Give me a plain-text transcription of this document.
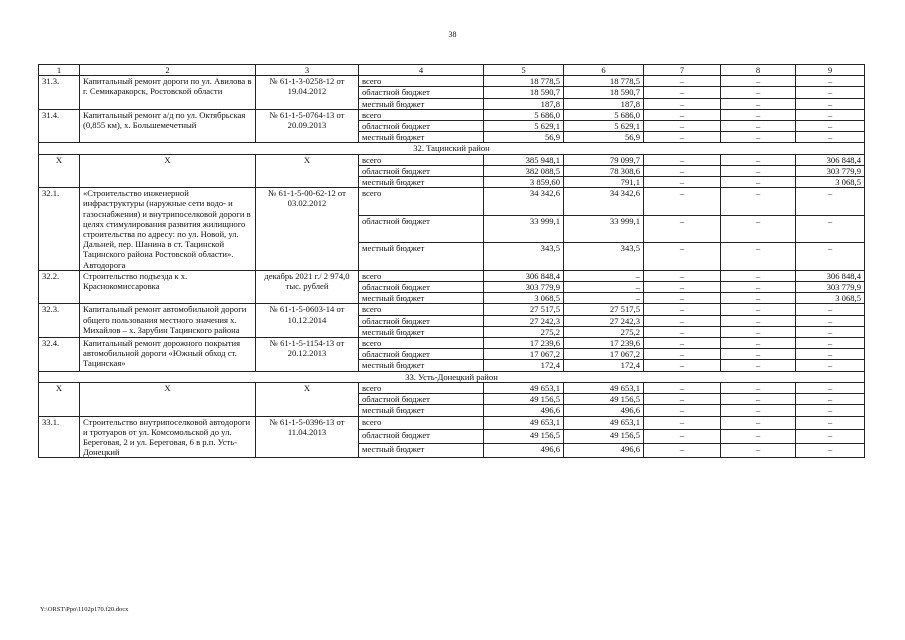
38
1	2	3	4	5	6	7	8	9
31.3.	Капитальный ремонт дороги по ул. Авилова в г. Семикаракорск, Ростовской области	№ 61-1-3-0258-12 от 19.04.2012	всего	18 778,5	18 778,5	–	–	–
			областной бюджет	18 590,7	18 590,7	–	–	–
			местный бюджет	187,8	187,8	–	–	–
31.4.	Капитальный ремонт а/д по ул. Октябрьская (0,855 км), х. Большемечетный	№ 61-1-5-0764-13 от 20.09.2013	всего	5 686,0	5 686,0	–	–	–
			областной бюджет	5 629,1	5 629,1	–	–	–
			местный бюджет	56,9	56,9	–	–	–
32. Тацинский район								
Х	Х	Х	всего	385 948,1	79 099,7	–	–	306 848,4
			областной бюджет	382 088,5	78 308,6	–	–	303 779,9
			местный бюджет	3 859,60	791,1	–	–	3 068,5
32.1.	«Строительство инженерной инфраструктуры (наружные сети водо- и газоснабжения) и внутрипоселковой дороги в целях стимулирования развития жилищного строительства по адресу: по ул. Новой, ул. Дальней, пер. Шанина в ст. Тацинской Тацинского района Ростовской области». Автодорога	№ 61-1-5-00-62-12 от 03.02.2012	всего	34 342,6	34 342,6	–	–	–
			областной бюджет	33 999,1	33 999,1	–	–	–
			местный бюджет	343,5	343,5	–	–	–
32.2.	Строительство подъезда к х. Краснокомиссаровка	декабрь 2021 г./ 2 974,0 тыс. рублей	всего	306 848,4	–	–	–	306 848,4
			областной бюджет	303 779,9	–	–	–	303 779,9
			местный бюджет	3 068,5	–	–	–	3 068,5
32.3.	Капитальный ремонт автомобильной дороги общего пользования местного значения х. Михайлов – х. Зарубин Тацинского района	№ 61-1-5-0603-14 от 10.12.2014	всего	27 517,5	27 517,5	–	–	–
			областной бюджет	27 242,3	27 242,3	–	–	–
			местный бюджет	275,2	275,2	–	–	–
32.4.	Капитальный ремонт дорожного покрытия автомобильной дороги «Южный обход ст. Тацинская»	№ 61-1-5-1154-13 от 20.12.2013	всего	17 239,6	17 239,6	–	–	–
			областной бюджет	17 067,2	17 067,2	–	–	–
			местный бюджет	172,4	172,4	–	–	–
33. Усть-Донецкий район								
Х	Х	Х	всего	49 653,1	49 653,1	–	–	–
			областной бюджет	49 156,5	49 156,5	–	–	–
			местный бюджет	496,6	496,6	–	–	–
33.1.	Строительство внутрипоселковой автодороги и тротуаров от ул. Комсомольской до ул. Береговая, 2 и ул. Береговая, 6 в р.п. Усть-Донецкий	№ 61-1-5-0396-13 от 11.04.2013	всего	49 653,1	49 653,1	–	–	–
			областной бюджет	49 156,5	49 156,5	–	–	–
			местный бюджет	496,6	496,6	–	–	–
Y:\ORST\Ppo\1102p170.f20.docx
